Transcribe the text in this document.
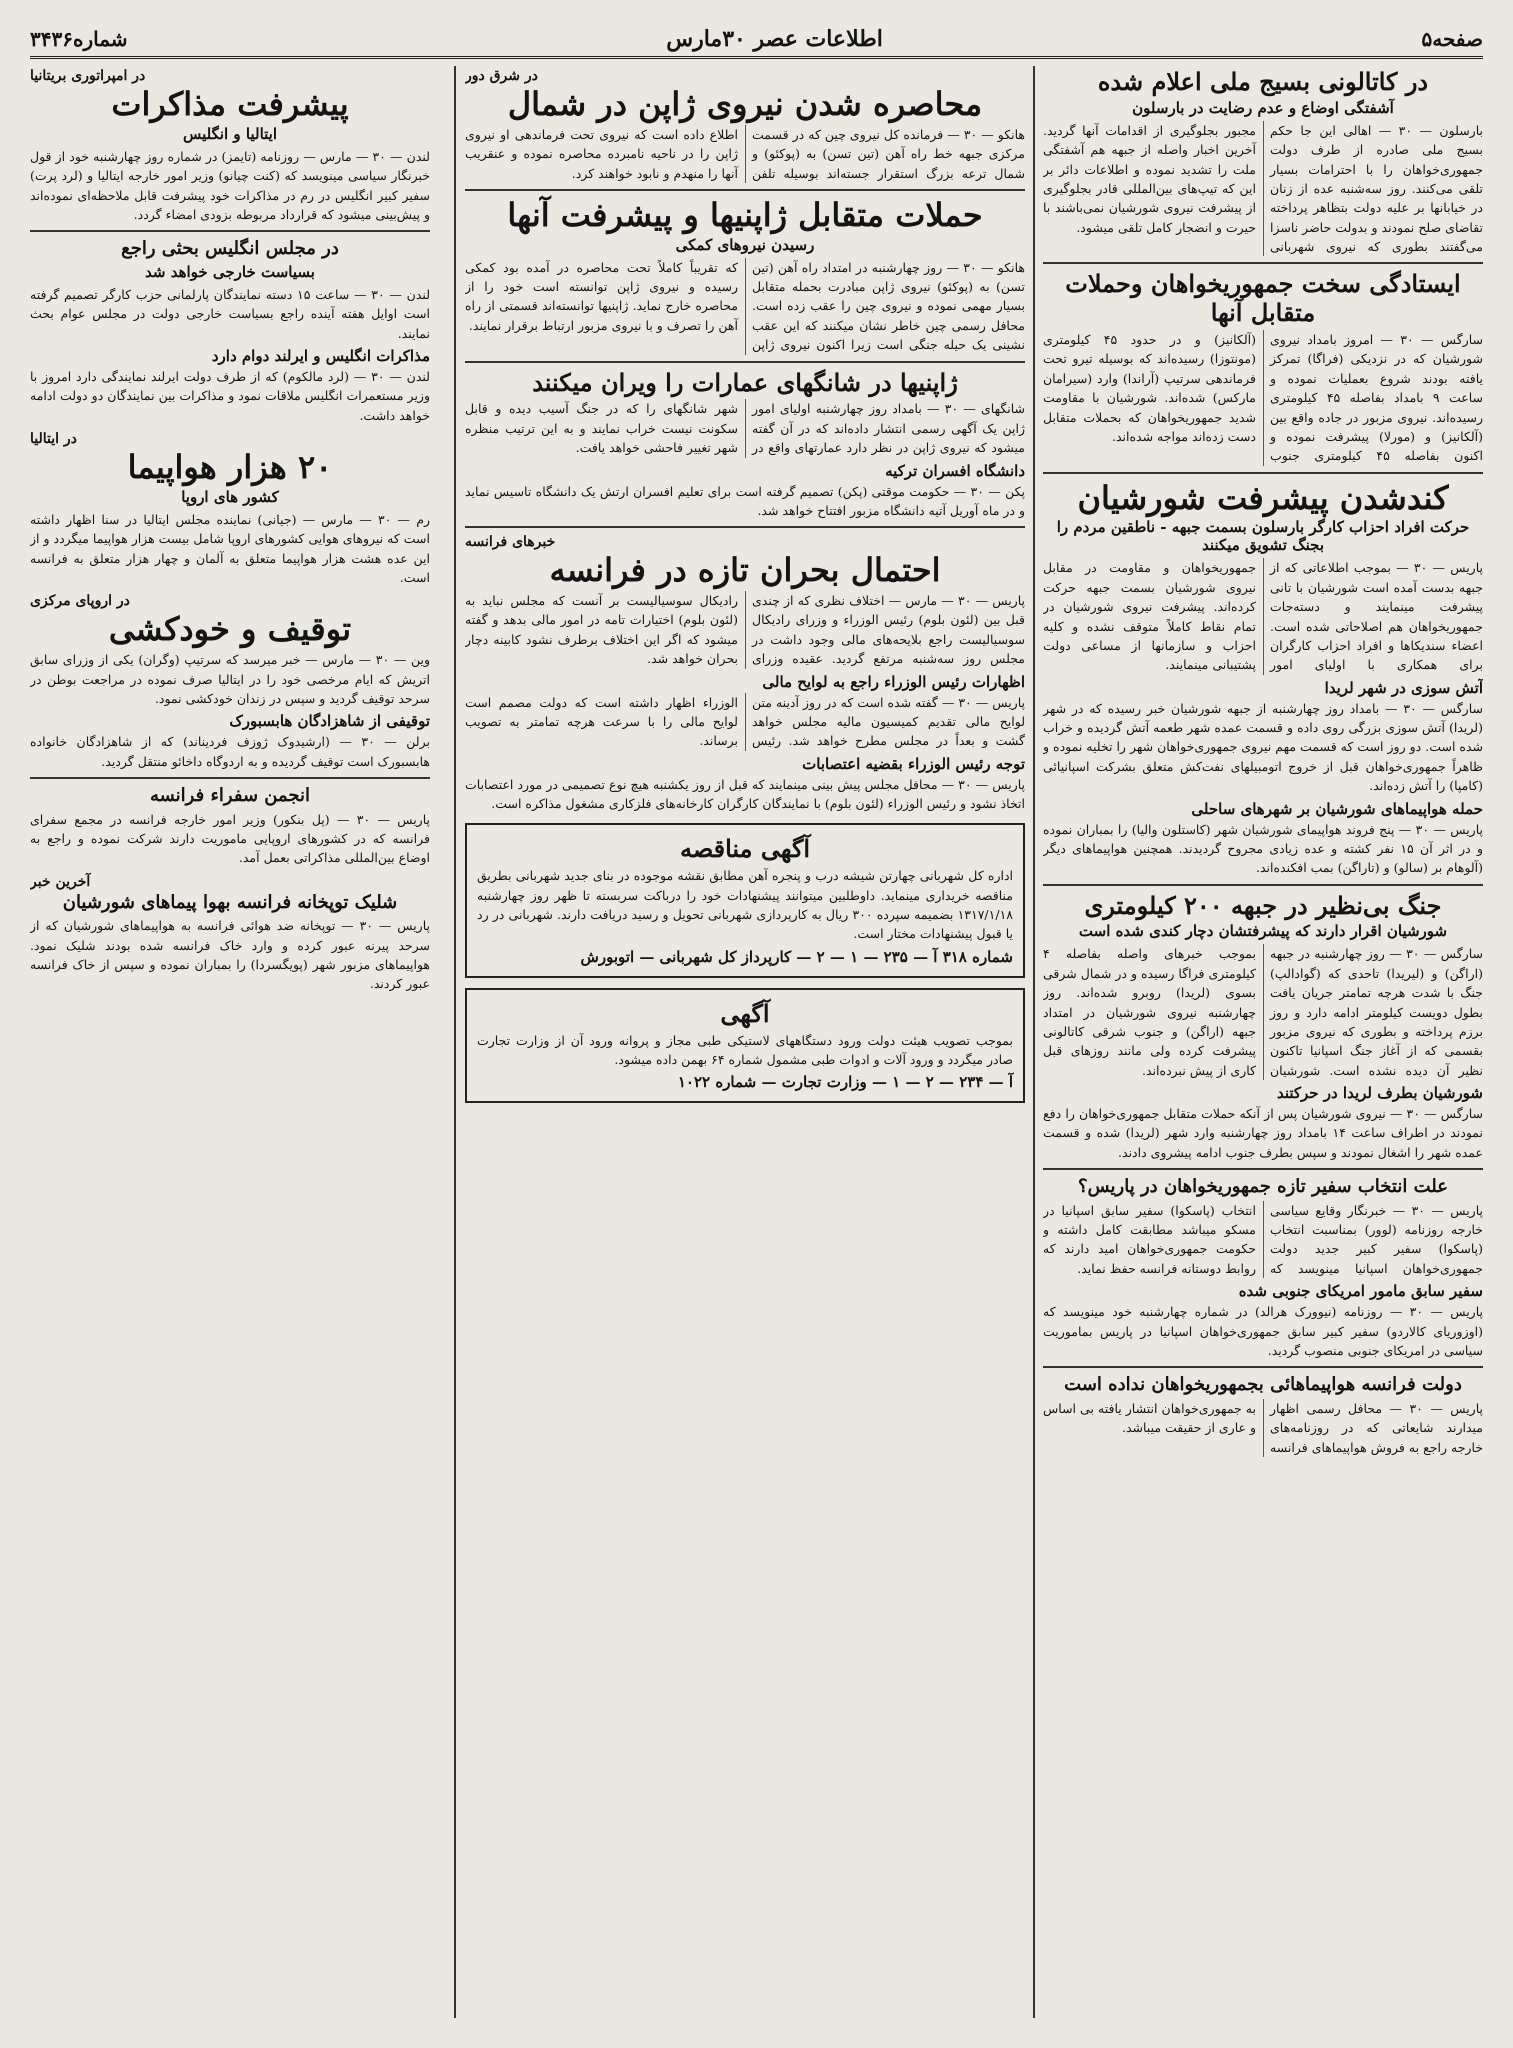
صفحه۵
اطلاعات عصر ۳۰مارس
شماره۳۴۳۶
در کاتالونی بسیج ملی اعلام شده
آشفتگی اوضاع و عدم رضایت در بارسلون

بارسلون — ۳۰ — اهالی این جا حکم بسیج ملی صادره از طرف دولت جمهوری‌خواهان را با احترامات بسیار تلقی می‌کنند. روز سه‌شنبه عده از زنان در خیابانها بر علیه دولت بتظاهر پرداخته تقاضای صلح نمودند و بدولت حاضر ناسزا می‌گفتند بطوری که نیروی شهربانی مجبور بجلوگیری از اقدامات آنها گردید. آخرین اخبار واصله از جبهه هم آشفتگی ملت را تشدید نموده و اطلاعات دائر بر این که تیپ‌های بین‌المللی قادر بجلوگیری از پیشرفت نیروی شورشیان نمی‌باشند با حیرت و انضجار کامل تلقی میشود.

ایستادگی سخت جمهوریخواهان وحملات متقابل آنها

سارگس — ۳۰ — امروز بامداد نیروی شورشیان که در نزدیکی (فراگا) تمرکز یافته بودند شروع بعملیات نموده و ساعت ۹ بامداد بفاصله ۴۵ کیلومتری رسیده‌اند. نیروی مزبور در جاده واقع بین (آلکانیز) و (مورلا) پیشرفت نموده و اکنون بفاصله ۴۵ کیلومتری جنوب (آلکانیز) و در حدود ۴۵ کیلومتری (مونتوزا) رسیده‌اند که بوسیله تیرو تحت فرماندهی سرتیپ (آراندا) وارد (سیرامان مارکس) شده‌اند. شورشیان با مقاومت شدید جمهوریخواهان که بحملات متقابل دست زده‌اند مواجه شده‌اند.

کندشدن پیشرفت شورشیان
حرکت افراد احزاب کارگر بارسلون بسمت جبهه - ناطقین مردم را بجنگ تشویق میکنند

پاریس — ۳۰ — بموجب اطلاعاتی که از جبهه بدست آمده است شورشیان با تانی پیشرفت مینمایند و دسته‌جات جمهوریخواهان هم اصلاحاتی شده است. اعضاء سندیکاها و افراد احزاب کارگران برای همکاری با اولیای امور جمهوریخواهان و مقاومت در مقابل نیروی شورشیان بسمت جبهه حرکت کرده‌اند. پیشرفت نیروی شورشیان در تمام نقاط کاملاً متوقف نشده و کلیه احزاب و سازمانها از مساعی دولت پشتیبانی مینمایند.

آتش سوزی در شهر لریدا

سارگس — ۳۰ — بامداد روز چهارشنبه از جبهه شورشیان خبر رسیده که در شهر (لریدا) آتش سوزی بزرگی روی داده و قسمت عمده شهر طعمه آتش گردیده و خراب شده است. دو روز است که قسمت مهم نیروی جمهوری‌خواهان شهر را تخلیه نموده و ظاهراً جمهوری‌خواهان قبل از خروج اتومبیلهای نفت‌کش متعلق بشرکت اسپانیائی (کامپا) را آتش زده‌اند.

حمله هواپیماهای شورشیان بر شهرهای ساحلی

پاریس — ۳۰ — پنج فروند هواپیمای شورشیان شهر (کاستلون والیا) را بمباران نموده و در اثر آن ۱۵ نفر کشته و عده زیادی مجروح گردیدند. همچنین هواپیماهای دیگر (آلوهام بر (سالو) و (تاراگن) بمب افکنده‌اند.

جنگ بی‌نظیر در جبهه ۲۰۰ کیلومتری
شورشیان اقرار دارند که پیشرفتشان دچار کندی شده است

سارگس — ۳۰ — روز چهارشنبه در جبهه (اراگن) و (لیریدا) تاحدی که (گوادالپ) جنگ با شدت هرچه تمامتر جریان یافت بطول دویست کیلومتر ادامه دارد و روز برزم پرداخته و بطوری که نیروی مزبور بقسمی که از آغاز جنگ اسپانیا تاکنون نظیر آن دیده نشده است. شورشیان بموجب خبرهای واصله بفاصله ۴ کیلومتری فراگا رسیده و در شمال شرقی بسوی (لریدا) روبرو شده‌اند. روز چهارشنبه نیروی شورشیان در امتداد جبهه (اراگن) و جنوب شرقی کاتالونی پیشرفت کرده ولی مانند روزهای قبل کاری از پیش نبرده‌اند.

شورشیان بطرف لریدا در حرکتند

سارگس — ۳۰ — نیروی شورشیان پس از آنکه حملات متقابل جمهوری‌خواهان را دفع نمودند در اطراف ساعت ۱۴ بامداد روز چهارشنبه وارد شهر (لریدا) شده و قسمت عمده شهر را اشغال نمودند و سپس بطرف جنوب ادامه پیشروی دادند.

علت انتخاب سفیر تازه جمهوریخواهان در پاریس؟

پاریس — ۳۰ — خبرنگار وقایع سیاسی خارجه روزنامه (لوور) بمناسبت انتخاب (پاسکوا) سفیر کبیر جدید دولت جمهوری‌خواهان اسپانیا مینویسد که انتخاب (پاسکوا) سفیر سابق اسپانیا در مسکو میباشد مطابقت کامل داشته و حکومت جمهوری‌خواهان امید دارند که روابط دوستانه فرانسه حفظ نماید.

سفیر سابق مامور امریکای جنوبی شده

پاریس — ۳۰ — روزنامه (نیوورک هرالد) در شماره چهارشنبه خود مینویسد که (اوزوریای کالاردو) سفیر کبیر سابق جمهوری‌خواهان اسپانیا در پاریس بماموریت سیاسی در امریکای جنوبی منصوب گردید.

دولت فرانسه هواپیماهائی بجمهوریخواهان نداده است

پاریس — ۳۰ — محافل رسمی اظهار میدارند شایعاتی که در روزنامه‌های خارجه راجع به فروش هواپیماهای فرانسه به جمهوری‌خواهان انتشار یافته بی اساس و عاری از حقیقت میباشد.

در شرق دور
محاصره شدن نیروی ژاپن در شمال

هانکو — ۳۰ — فرمانده کل نیروی چین که در قسمت مرکزی جبهه خط راه آهن (تین تسن) به (پوکئو) و شمال ترعه بزرگ استقرار جسته‌اند بوسیله تلفن اطلاع داده است که نیروی تحت فرماندهی او نیروی ژاپن را در ناحیه نامبرده محاصره نموده و عنقریب آنها را منهدم و نابود خواهند کرد.

حملات متقابل ژاپنیها و پیشرفت آنها
رسیدن نیروهای کمکی

هانکو — ۳۰ — روز چهارشنبه در امتداد راه آهن (تین تسن) به (پوکئو) نیروی ژاپن مبادرت بحمله متقابل بسیار مهمی نموده و نیروی چین را عقب زده است. محافل رسمی چین خاطر نشان میکنند که این عقب نشینی یک حیله جنگی است زیرا اکنون نیروی ژاپن که تقریباً کاملاً تحت محاصره در آمده بود کمکی رسیده و نیروی ژاپن توانسته است خود را از محاصره خارج نماید. ژاپنیها توانسته‌اند قسمتی از راه آهن را تصرف و با نیروی مزبور ارتباط برقرار نمایند.

ژاپنیها در شانگهای عمارات را ویران میکنند

شانگهای — ۳۰ — بامداد روز چهارشنبه اولیای امور ژاپن یک آگهی رسمی انتشار داده‌اند که در آن گفته میشود که نیروی ژاپن در نظر دارد عمارتهای واقع در شهر شانگهای را که در جنگ آسیب دیده و قابل سکونت نیست خراب نمایند و به این ترتیب منظره شهر تغییر فاحشی خواهد یافت.

دانشگاه افسران ترکیه

پکن — ۳۰ — حکومت موقتی (پکن) تصمیم گرفته است برای تعلیم افسران ارتش یک دانشگاه تاسیس نماید و در ماه آوریل آتیه دانشگاه مزبور افتتاح خواهد شد.

خبرهای فرانسه
احتمال بحران تازه در فرانسه

پاریس — ۳۰ — مارس — اختلاف نظری که از چندی قبل بین (لئون بلوم) رئیس الوزراء و وزرای رادیکال سوسیالیست راجع بلایحه‌های مالی وجود داشت در مجلس روز سه‌شنبه مرتفع گردید. عقیده وزرای رادیکال سوسیالیست بر آنست که مجلس نباید به (لئون بلوم) اختیارات تامه در امور مالی بدهد و گفته میشود که اگر این اختلاف برطرف نشود کابینه دچار بحران خواهد شد.

اظهارات رئیس الوزراء راجع به لوایح مالی

پاریس — ۳۰ — گفته شده است که در روز آدینه متن لوایح مالی تقدیم کمیسیون مالیه مجلس خواهد گشت و بعداً در مجلس مطرح خواهد شد. رئیس الوزراء اظهار داشته است که دولت مصمم است لوایح مالی را با سرعت هرچه تمامتر به تصویب برساند.

توجه رئیس الوزراء بقضیه اعتصابات

پاریس — ۳۰ — محافل مجلس پیش بینی مینمایند که قبل از روز یکشنبه هیچ نوع تصمیمی در مورد اعتصابات اتخاذ نشود و رئیس الوزراء (لئون بلوم) با نمایندگان کارگران کارخانه‌های فلزکاری مشغول مذاکره است.

آگهی مناقصه

اداره کل شهربانی چهارتن شیشه درب و پنجره آهن مطابق نقشه موجوده در بنای جدید شهربانی بطریق مناقصه خریداری مینماید. داوطلبین میتوانند پیشنهادات خود را درباکت سربسته تا ظهر روز چهارشنبه ۱۳۱۷/۱/۱۸ بضمیمه سپرده ۳۰۰ ریال به کارپردازی شهربانی تحویل و رسید دریافت دارند. شهربانی در رد یا قبول پیشنهادات مختار است.

شماره ۳۱۸ آ — ۲۳۵ — ۱ — ۲ — کارپرداز کل شهربانی — اتوبورش
آگهی

بموجب تصویب هیئت دولت ورود دستگاههای لاستیکی طبی مجاز و پروانه ورود آن از وزارت تجارت صادر میگردد و ورود آلات و ادوات طبی مشمول شماره ۶۴ بهمن داده میشود.

آ — ۲۳۴ — ۲ — ۱ — وزارت تجارت — شماره ۱۰۲۲
در امپراتوری بریتانیا
پیشرفت مذاکرات
ایتالیا و انگلیس

لندن — ۳۰ — مارس — روزنامه (تایمز) در شماره روز چهارشنبه خود از قول خبرنگار سیاسی مینویسد که (کنت چیانو) وزیر امور خارجه ایتالیا و (لرد پرت) سفیر کبیر انگلیس در رم در مذاکرات خود پیشرفت قابل ملاحظه‌ای نموده‌اند و پیش‌بینی میشود که قرارداد مربوطه بزودی امضاء گردد.

در مجلس انگلیس بحثی راجع
بسیاست خارجی خواهد شد

لندن — ۳۰ — ساعت ۱۵ دسته نمایندگان پارلمانی حزب کارگر تصمیم گرفته است اوایل هفته آینده راجع بسیاست خارجی دولت در مجلس عوام بحث نمایند.

مذاکرات انگلیس و ایرلند دوام دارد

لندن — ۳۰ — (لرد مالکوم) که از طرف دولت ایرلند نمایندگی دارد امروز با وزیر مستعمرات انگلیس ملاقات نمود و مذاکرات بین نمایندگان دو دولت ادامه خواهد داشت.

در ایتالیا
۲۰ هزار هواپیما
کشور های اروپا

رم — ۳۰ — مارس — (جیانی) نماینده مجلس ایتالیا در سنا اظهار داشته است که نیروهای هوایی کشورهای اروپا شامل بیست هزار هواپیما میگردد و از این عده هشت هزار هواپیما متعلق به آلمان و چهار هزار متعلق به فرانسه است.

در اروپای مرکزی
توقیف و خودکشی

وین — ۳۰ — مارس — خبر میرسد که سرتیپ (وگران) یکی از وزرای سابق اتریش که ایام مرخصی خود را در ایتالیا صرف نموده در مراجعت بوطن در سرحد توقیف گردید و سپس در زندان خودکشی نمود.

توقیفی از شاهزادگان هابسبورک

برلن — ۳۰ — (ارشیدوک ژوزف فردیناند) که از شاهزادگان خانواده هابسبورک است توقیف گردیده و به اردوگاه داخائو منتقل گردید.

انجمن سفراء فرانسه

پاریس — ۳۰ — (پل بنکور) وزیر امور خارجه فرانسه در مجمع سفرای فرانسه که در کشورهای اروپایی ماموریت دارند شرکت نموده و راجع به اوضاع بین‌المللی مذاکراتی بعمل آمد.

آخرین خبر
شلیک توپخانه فرانسه بهوا پیماهای شورشیان

پاریس — ۳۰ — توپخانه ضد هوائی فرانسه به هواپیماهای شورشیان که از سرحد پیرنه عبور کرده و وارد خاک فرانسه شده بودند شلیک نمود. هواپیماهای مزبور شهر (پویگسردا) را بمباران نموده و سپس از خاک فرانسه عبور کردند.
